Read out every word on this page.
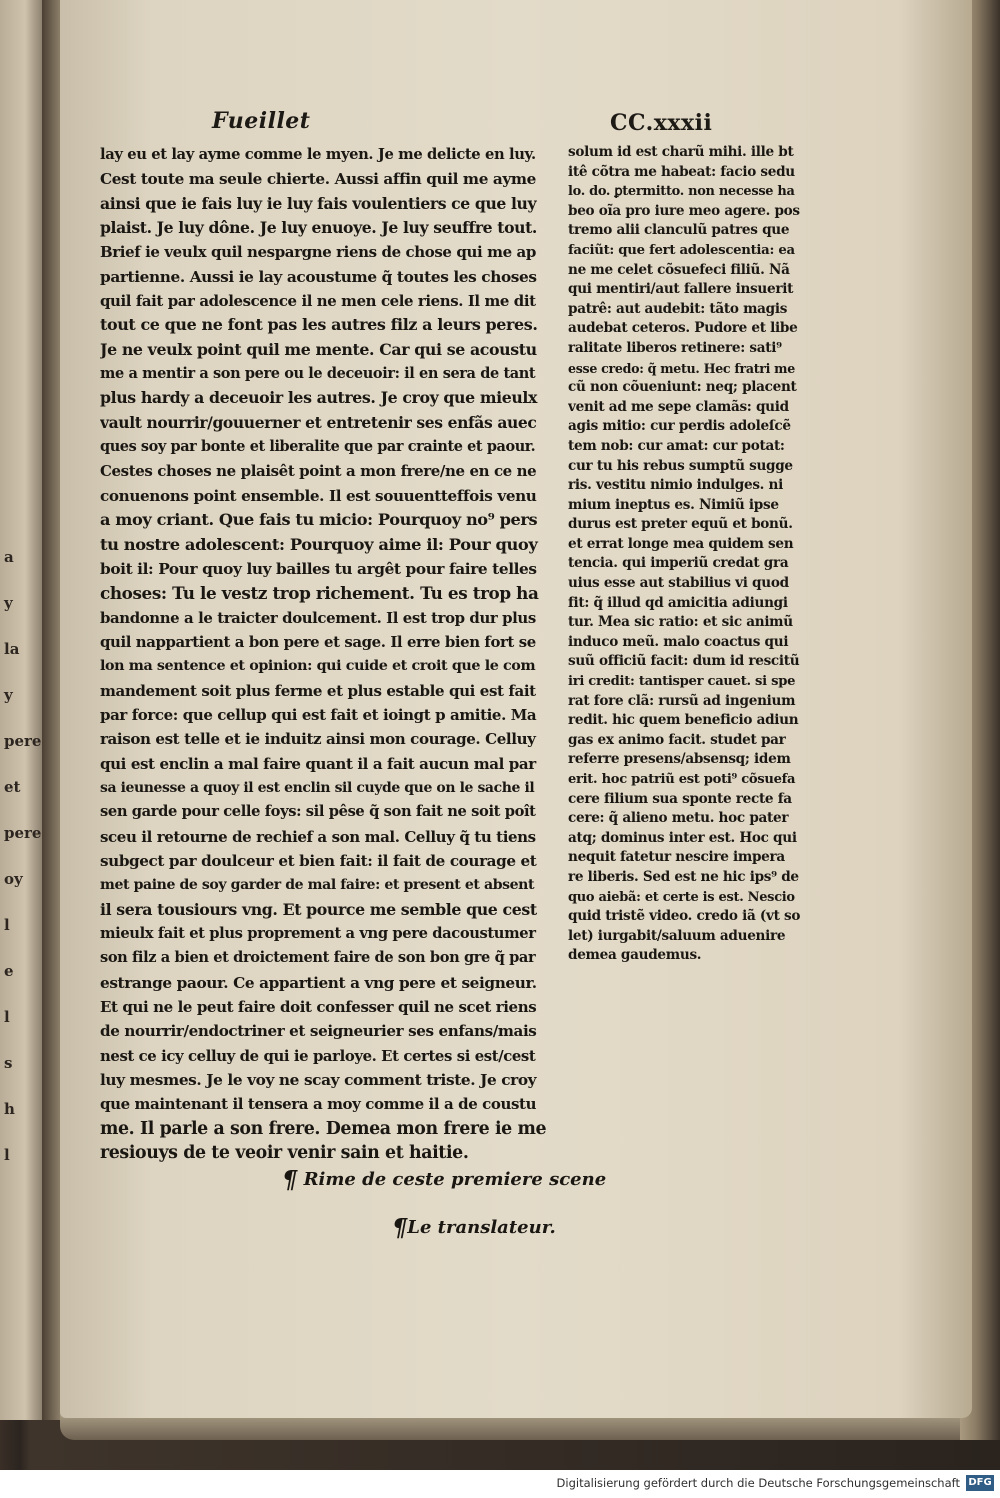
a
y
la
y
pere
et
pere
oy
l
e
l
s
h
l
Fueillet	CC.xxxii
lay eu et lay ayme comme le myen. Je me delicte en luy.
Cest toute ma seule chierte. Aussi affin quil me ayme
ainsi que ie fais luy ie luy fais voulentiers ce que luy
plaist. Je luy dône. Je luy enuoye. Je luy seuffre tout.
Brief ie veulx quil nespargne riens de chose qui me ap
partienne. Aussi ie lay acoustume q̃ toutes les choses
quil fait par adolescence il ne men cele riens. Il me dit
tout ce que ne font pas les autres filz a leurs peres.
Je ne veulx point quil me mente. Car qui se acoustu
me a mentir a son pere ou le deceuoir: il en sera de tant
plus hardy a deceuoir les autres. Je croy que mieulx
vault nourrir/gouuerner et entretenir ses enfãs auec
ques soy par bonte et liberalite que par crainte et paour.
Cestes choses ne plaisêt point a mon frere/ne en ce ne
conuenons point ensemble. Il est souuentteffois venu
a moy criant. Que fais tu micio: Pourquoy no⁹ pers
tu nostre adolescent: Pourquoy aime il: Pour quoy
boit il: Pour quoy luy bailles tu argêt pour faire telles
choses: Tu le vestz trop richement. Tu es trop ha
bandonne a le traicter doulcement. Il est trop dur plus
quil nappartient a bon pere et sage. Il erre bien fort se
lon ma sentence et opinion: qui cuide et croit que le com
mandement soit plus ferme et plus estable qui est fait
par force: que cellup qui est fait et ioingt p amitie. Ma
raison est telle et ie induitz ainsi mon courage. Celluy
qui est enclin a mal faire quant il a fait aucun mal par
sa ieunesse a quoy il est enclin sil cuyde que on le sache il
sen garde pour celle foys: sil pêse q̃ son fait ne soit poît
sceu il retourne de rechief a son mal. Celluy q̃ tu tiens
subgect par doulceur et bien fait: il fait de courage et
met paine de soy garder de mal faire: et present et absent
il sera tousiours vng. Et pource me semble que cest
mieulx fait et plus proprement a vng pere dacoustumer
son filz a bien et droictement faire de son bon gre q̃ par
estrange paour. Ce appartient a vng pere et seigneur.
Et qui ne le peut faire doit confesser quil ne scet riens
de nourrir/endoctriner et seigneurier ses enfans/mais
nest ce icy celluy de qui ie parloye. Et certes si est/cest
luy mesmes. Je le voy ne scay comment triste. Je croy
que maintenant il tensera a moy comme il a de coustu
me. Il parle a son frere. Demea mon frere ie me
resiouys de te veoir venir sain et haitie.
solum id est charũ mihi. ille bt
itê cõtra me habeat: facio sedu
lo. do. ꝑtermitto. non necesse ha
beo oĩa pro iure meo agere. pos
tremo alii clanculũ patres que
faciũt: que fert adolescentia: ea
ne me celet cõsuefeci filiũ. Nã
qui mentiri/aut fallere insuerit
patrê: aut audebit: tãto magis
audebat ceteros. Pudore et libe
ralitate liberos retinere: sati⁹
esse credo: q̃ metu. Hec fratri me
cũ non cõueniunt: neq; placent
venit ad me sepe clamãs: quid
agis mitio: cur perdis adoleſcẽ
tem nob: cur amat: cur potat:
cur tu his rebus sumptũ sugge
ris. vestitu nimio indulges. ni
mium ineptus es. Nimiũ ipse
durus est preter equũ et bonũ.
et errat longe mea quidem sen
tencia. qui imperiũ credat gra
uius esse aut stabilius vi quod
fit: q̃ illud qd amicitia adiungi
tur. Mea sic ratio: et sic animũ
induco meũ. malo coactus qui
suũ officiũ facit: dum id rescitũ
iri credit: tantisper cauet. si spe
rat fore clã: rursũ ad ingenium
redit. hic quem beneficio adiun
gas ex animo facit. studet par
referre presens/absensq; idem
erit. hoc patriũ est poti⁹ cõsuefa
cere filium sua sponte recte fa
cere: q̃ alieno metu. hoc pater
atq; dominus inter est. Hoc qui
nequit fatetur nescire impera
re liberis. Sed est ne hic ips⁹ de
quo aiebã: et certe is est. Nescio
quid tristẽ video. credo iã (vt so
let) iurgabit/saluum aduenire
demea gaudemus.
¶ Rime de ceste premiere scene
¶Le translateur.
Digitalisierung gefördert durch die Deutsche Forschungsgemeinschaft DFG
